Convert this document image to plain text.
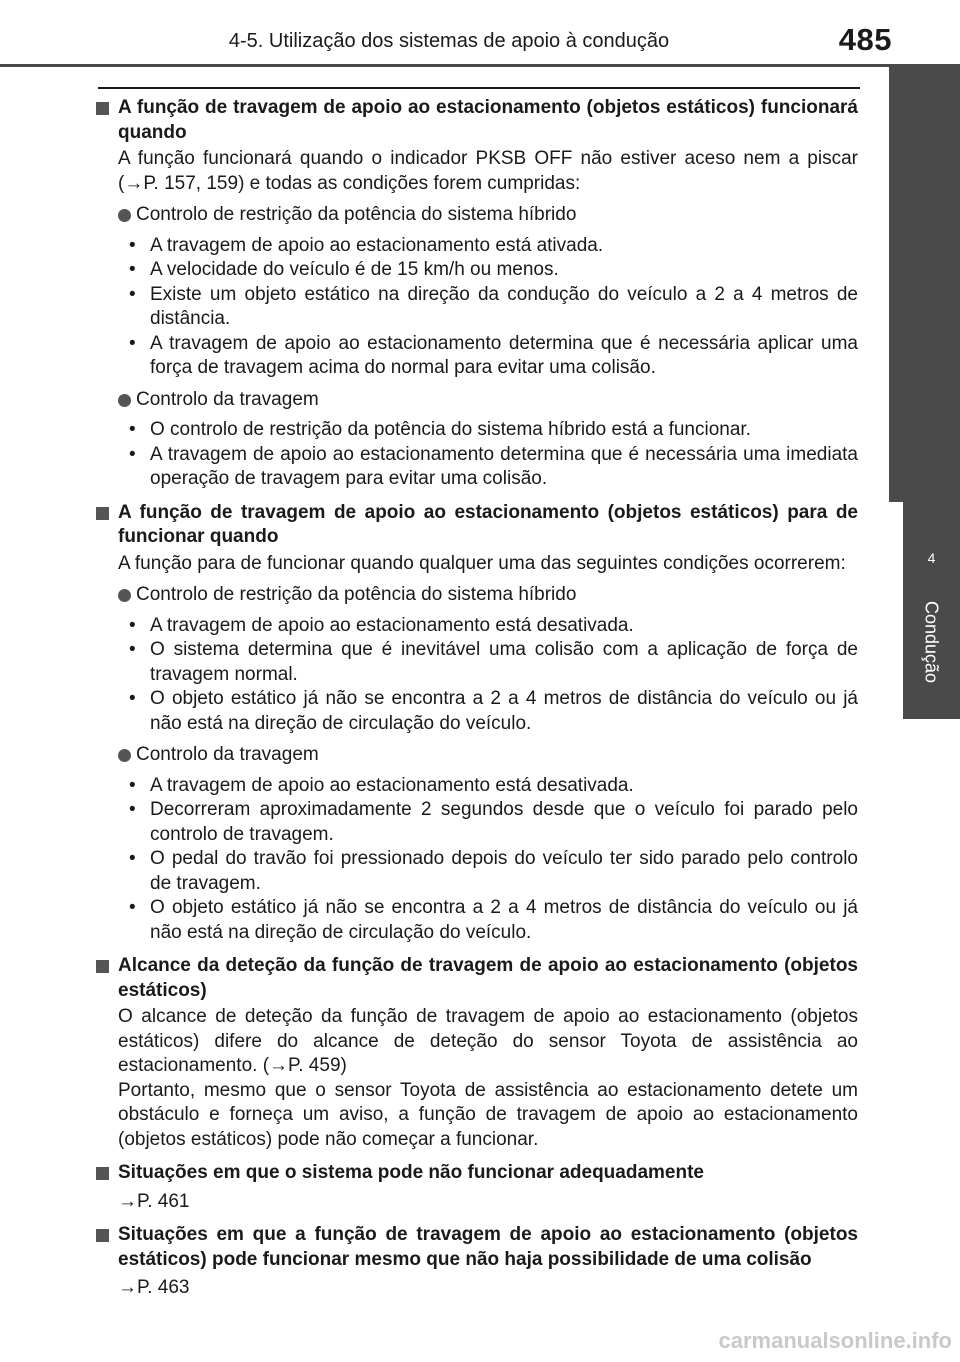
4-5. Utilização dos sistemas de apoio à condução	485
4
Condução
A função de travagem de apoio ao estacionamento (objetos estáticos) funcionará quando
A função funcionará quando o indicador PKSB OFF não estiver aceso nem a piscar (→P. 157, 159) e todas as condições forem cumpridas:
Controlo de restrição da potência do sistema híbrido
• A travagem de apoio ao estacionamento está ativada.
• A velocidade do veículo é de 15 km/h ou menos.
• Existe um objeto estático na direção da condução do veículo a 2 a 4 metros de distância.
• A travagem de apoio ao estacionamento determina que é necessária aplicar uma força de travagem acima do normal para evitar uma colisão.
Controlo da travagem
• O controlo de restrição da potência do sistema híbrido está a funcionar.
• A travagem de apoio ao estacionamento determina que é necessária uma imediata operação de travagem para evitar uma colisão.
A função de travagem de apoio ao estacionamento (objetos estáticos) para de funcionar quando
A função para de funcionar quando qualquer uma das seguintes condições ocorrerem:
Controlo de restrição da potência do sistema híbrido
• A travagem de apoio ao estacionamento está desativada.
• O sistema determina que é inevitável uma colisão com a aplicação de força de travagem normal.
• O objeto estático já não se encontra a 2 a 4 metros de distância do veículo ou já não está na direção de circulação do veículo.
Controlo da travagem
• A travagem de apoio ao estacionamento está desativada.
• Decorreram aproximadamente 2 segundos desde que o veículo foi parado pelo controlo de travagem.
• O pedal do travão foi pressionado depois do veículo ter sido parado pelo controlo de travagem.
• O objeto estático já não se encontra a 2 a 4 metros de distância do veículo ou já não está na direção de circulação do veículo.
Alcance da deteção da função de travagem de apoio ao estacionamento (objetos estáticos)
O alcance de deteção da função de travagem de apoio ao estacionamento (objetos estáticos) difere do alcance de deteção do sensor Toyota de assistência ao estacionamento. (→P. 459)
Portanto, mesmo que o sensor Toyota de assistência ao estacionamento detete um obstáculo e forneça um aviso, a função de travagem de apoio ao estacionamento (objetos estáticos) pode não começar a funcionar.
Situações em que o sistema pode não funcionar adequadamente
→P. 461
Situações em que a função de travagem de apoio ao estacionamento (objetos estáticos) pode funcionar mesmo que não haja possibilidade de uma colisão
→P. 463
carmanualsonline.info
